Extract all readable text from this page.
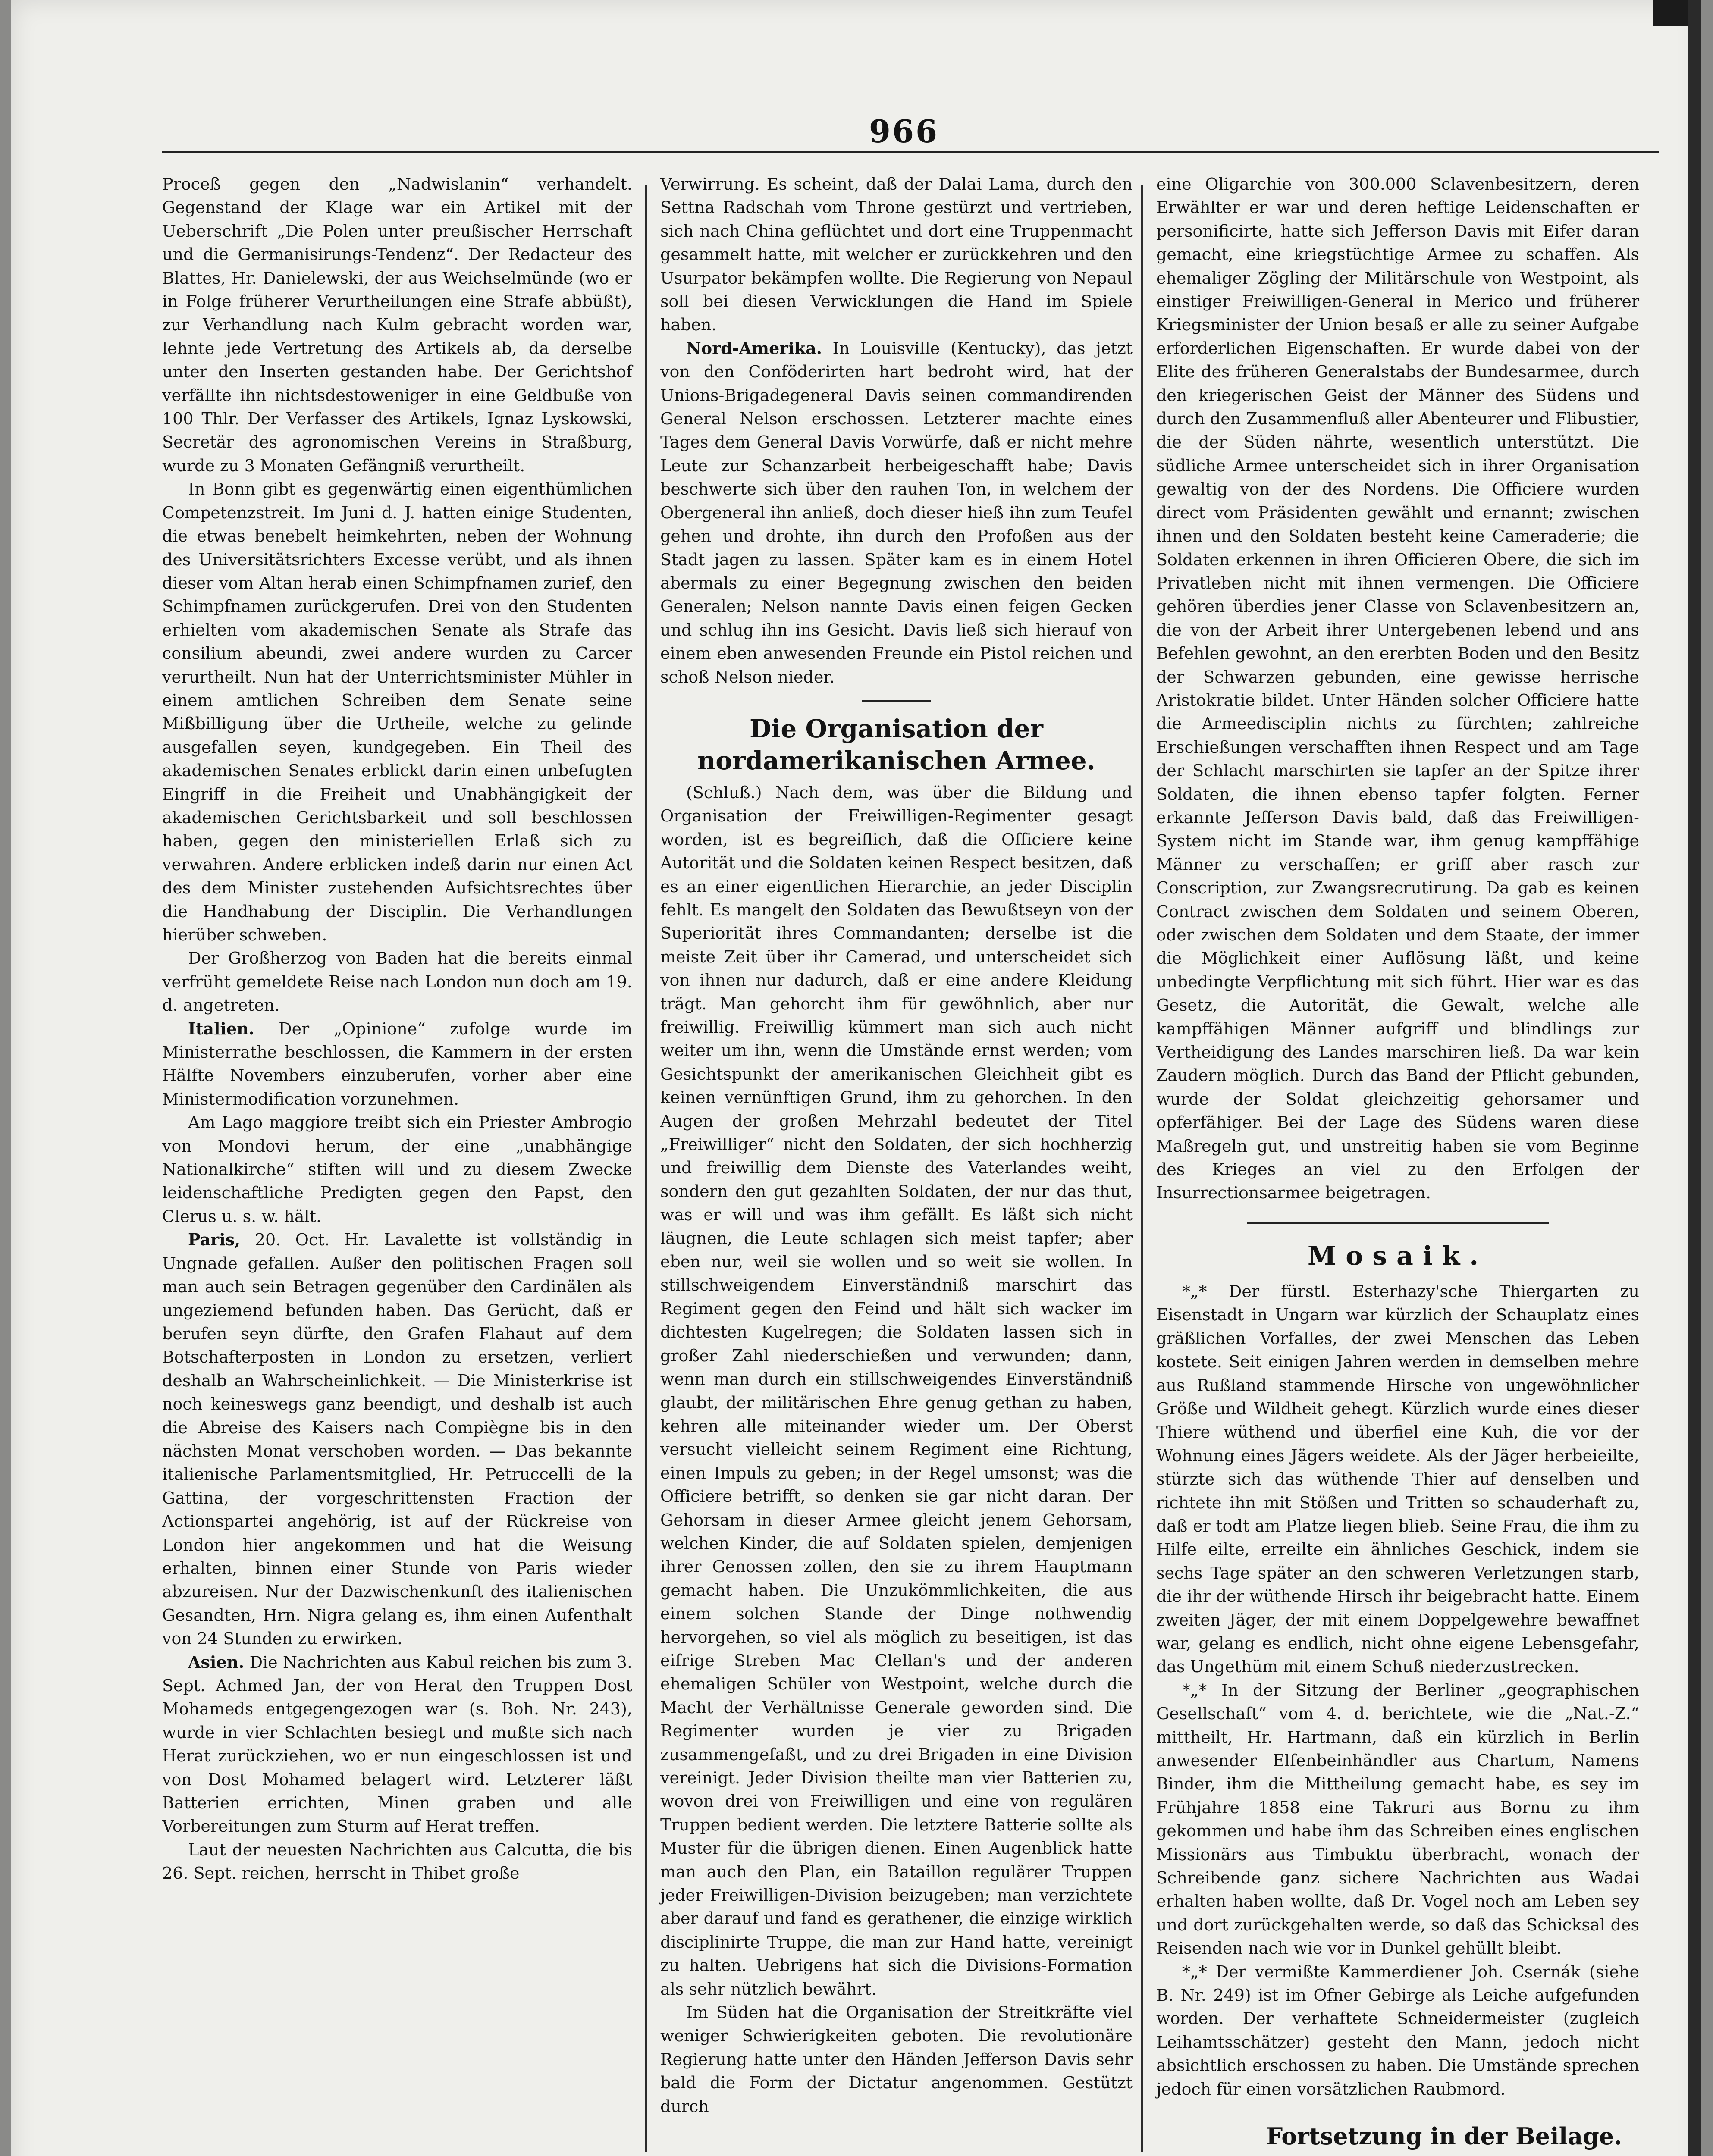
966

Proceß gegen den „Nadwislanin“ verhandelt. Gegenstand der Klage war ein Artikel mit der Ueberschrift „Die Polen unter preußischer Herrschaft und die Germanisirungs-Tendenz“. Der Redacteur des Blattes, Hr. Danielewski, der aus Weichselmünde (wo er in Folge früherer Verurtheilungen eine Strafe abbüßt), zur Verhandlung nach Kulm gebracht worden war, lehnte jede Vertretung des Artikels ab, da derselbe unter den Inserten gestanden habe. Der Gerichtshof verfällte ihn nichtsdestoweniger in eine Geldbuße von 100 Thlr. Der Verfasser des Artikels, Ignaz Lyskowski, Secretär des agronomischen Vereins in Straßburg, wurde zu 3 Monaten Gefängniß verurtheilt.

In Bonn gibt es gegenwärtig einen eigenthümlichen Competenzstreit. Im Juni d. J. hatten einige Studenten, die etwas benebelt heimkehrten, neben der Wohnung des Universitätsrichters Excesse verübt, und als ihnen dieser vom Altan herab einen Schimpfnamen zurief, den Schimpfnamen zurückgerufen. Drei von den Studenten erhielten vom akademischen Senate als Strafe das consilium abeundi, zwei andere wurden zu Carcer verurtheilt. Nun hat der Unterrichtsminister Mühler in einem amtlichen Schreiben dem Senate seine Mißbilligung über die Urtheile, welche zu gelinde ausgefallen seyen, kundgegeben. Ein Theil des akademischen Senates erblickt darin einen unbefugten Eingriff in die Freiheit und Unabhängigkeit der akademischen Gerichtsbarkeit und soll beschlossen haben, gegen den ministeriellen Erlaß sich zu verwahren. Andere erblicken indeß darin nur einen Act des dem Minister zustehenden Aufsichtsrechtes über die Handhabung der Disciplin. Die Verhandlungen hierüber schweben.

Der Großherzog von Baden hat die bereits einmal verfrüht gemeldete Reise nach London nun doch am 19. d. angetreten.

Italien. Der „Opinione“ zufolge wurde im Ministerrathe beschlossen, die Kammern in der ersten Hälfte Novembers einzuberufen, vorher aber eine Ministermodification vorzunehmen.

Am Lago maggiore treibt sich ein Priester Ambrogio von Mondovi herum, der eine „unabhängige Nationalkirche“ stiften will und zu diesem Zwecke leidenschaftliche Predigten gegen den Papst, den Clerus u. s. w. hält.

Paris, 20. Oct. Hr. Lavalette ist vollständig in Ungnade gefallen. Außer den politischen Fragen soll man auch sein Betragen gegenüber den Cardinälen als ungeziemend befunden haben. Das Gerücht, daß er berufen seyn dürfte, den Grafen Flahaut auf dem Botschafterposten in London zu ersetzen, verliert deshalb an Wahrscheinlichkeit. — Die Ministerkrise ist noch keineswegs ganz beendigt, und deshalb ist auch die Abreise des Kaisers nach Compiègne bis in den nächsten Monat verschoben worden. — Das bekannte italienische Parlamentsmitglied, Hr. Petruccelli de la Gattina, der vorgeschrittensten Fraction der Actionspartei angehörig, ist auf der Rückreise von London hier angekommen und hat die Weisung erhalten, binnen einer Stunde von Paris wieder abzureisen. Nur der Dazwischenkunft des italienischen Gesandten, Hrn. Nigra gelang es, ihm einen Aufenthalt von 24 Stunden zu erwirken.

Asien. Die Nachrichten aus Kabul reichen bis zum 3. Sept. Achmed Jan, der von Herat den Truppen Dost Mohameds entgegengezogen war (s. Boh. Nr. 243), wurde in vier Schlachten besiegt und mußte sich nach Herat zurückziehen, wo er nun eingeschlossen ist und von Dost Mohamed belagert wird. Letzterer läßt Batterien errichten, Minen graben und alle Vorbereitungen zum Sturm auf Herat treffen.

Laut der neuesten Nachrichten aus Calcutta, die bis 26. Sept. reichen, herrscht in Thibet große

Verwirrung. Es scheint, daß der Dalai Lama, durch den Settna Radschah vom Throne gestürzt und vertrieben, sich nach China geflüchtet und dort eine Truppenmacht gesammelt hatte, mit welcher er zurückkehren und den Usurpator bekämpfen wollte. Die Regierung von Nepaul soll bei diesen Verwicklungen die Hand im Spiele haben.

Nord-Amerika. In Louisville (Kentucky), das jetzt von den Conföderirten hart bedroht wird, hat der Unions-Brigadegeneral Davis seinen commandirenden General Nelson erschossen. Letzterer machte eines Tages dem General Davis Vorwürfe, daß er nicht mehre Leute zur Schanzarbeit herbeigeschafft habe; Davis beschwerte sich über den rauhen Ton, in welchem der Obergeneral ihn anließ, doch dieser hieß ihn zum Teufel gehen und drohte, ihn durch den Profoßen aus der Stadt jagen zu lassen. Später kam es in einem Hotel abermals zu einer Begegnung zwischen den beiden Generalen; Nelson nannte Davis einen feigen Gecken und schlug ihn ins Gesicht. Davis ließ sich hierauf von einem eben anwesenden Freunde ein Pistol reichen und schoß Nelson nieder.

Die Organisation der nordamerikanischen Armee.

(Schluß.) Nach dem, was über die Bildung und Organisation der Freiwilligen-Regimenter gesagt worden, ist es begreiflich, daß die Officiere keine Autorität und die Soldaten keinen Respect besitzen, daß es an einer eigentlichen Hierarchie, an jeder Disciplin fehlt. Es mangelt den Soldaten das Bewußtseyn von der Superiorität ihres Commandanten; derselbe ist die meiste Zeit über ihr Camerad, und unterscheidet sich von ihnen nur dadurch, daß er eine andere Kleidung trägt. Man gehorcht ihm für gewöhnlich, aber nur freiwillig. Freiwillig kümmert man sich auch nicht weiter um ihn, wenn die Umstände ernst werden; vom Gesichtspunkt der amerikanischen Gleichheit gibt es keinen vernünftigen Grund, ihm zu gehorchen. In den Augen der großen Mehrzahl bedeutet der Titel „Freiwilliger“ nicht den Soldaten, der sich hochherzig und freiwillig dem Dienste des Vaterlandes weiht, sondern den gut gezahlten Soldaten, der nur das thut, was er will und was ihm gefällt. Es läßt sich nicht läugnen, die Leute schlagen sich meist tapfer; aber eben nur, weil sie wollen und so weit sie wollen. In stillschweigendem Einverständniß marschirt das Regiment gegen den Feind und hält sich wacker im dichtesten Kugelregen; die Soldaten lassen sich in großer Zahl niederschießen und verwunden; dann, wenn man durch ein stillschweigendes Einverständniß glaubt, der militärischen Ehre genug gethan zu haben, kehren alle miteinander wieder um. Der Oberst versucht vielleicht seinem Regiment eine Richtung, einen Impuls zu geben; in der Regel umsonst; was die Officiere betrifft, so denken sie gar nicht daran. Der Gehorsam in dieser Armee gleicht jenem Gehorsam, welchen Kinder, die auf Soldaten spielen, demjenigen ihrer Genossen zollen, den sie zu ihrem Hauptmann gemacht haben. Die Unzukömmlichkeiten, die aus einem solchen Stande der Dinge nothwendig hervorgehen, so viel als möglich zu beseitigen, ist das eifrige Streben Mac Clellan's und der anderen ehemaligen Schüler von Westpoint, welche durch die Macht der Verhältnisse Generale geworden sind. Die Regimenter wurden je vier zu Brigaden zusammengefaßt, und zu drei Brigaden in eine Division vereinigt. Jeder Division theilte man vier Batterien zu, wovon drei von Freiwilligen und eine von regulären Truppen bedient werden. Die letztere Batterie sollte als Muster für die übrigen dienen. Einen Augenblick hatte man auch den Plan, ein Bataillon regulärer Truppen jeder Freiwilligen-Division beizugeben; man verzichtete aber darauf und fand es gerathener, die einzige wirklich disciplinirte Truppe, die man zur Hand hatte, vereinigt zu halten. Uebrigens hat sich die Divisions-Formation als sehr nützlich bewährt.

Im Süden hat die Organisation der Streitkräfte viel weniger Schwierigkeiten geboten. Die revolutionäre Regierung hatte unter den Händen Jefferson Davis sehr bald die Form der Dictatur angenommen. Gestützt durch

eine Oligarchie von 300.000 Sclavenbesitzern, deren Erwählter er war und deren heftige Leidenschaften er personificirte, hatte sich Jefferson Davis mit Eifer daran gemacht, eine kriegstüchtige Armee zu schaffen. Als ehemaliger Zögling der Militärschule von Westpoint, als einstiger Freiwilligen-General in Merico und früherer Kriegsminister der Union besaß er alle zu seiner Aufgabe erforderlichen Eigenschaften. Er wurde dabei von der Elite des früheren Generalstabs der Bundesarmee, durch den kriegerischen Geist der Männer des Südens und durch den Zusammenfluß aller Abenteurer und Flibustier, die der Süden nährte, wesentlich unterstützt. Die südliche Armee unterscheidet sich in ihrer Organisation gewaltig von der des Nordens. Die Officiere wurden direct vom Präsidenten gewählt und ernannt; zwischen ihnen und den Soldaten besteht keine Cameraderie; die Soldaten erkennen in ihren Officieren Obere, die sich im Privatleben nicht mit ihnen vermengen. Die Officiere gehören überdies jener Classe von Sclavenbesitzern an, die von der Arbeit ihrer Untergebenen lebend und ans Befehlen gewohnt, an den ererbten Boden und den Besitz der Schwarzen gebunden, eine gewisse herrische Aristokratie bildet. Unter Händen solcher Officiere hatte die Armeedisciplin nichts zu fürchten; zahlreiche Erschießungen verschafften ihnen Respect und am Tage der Schlacht marschirten sie tapfer an der Spitze ihrer Soldaten, die ihnen ebenso tapfer folgten. Ferner erkannte Jefferson Davis bald, daß das Freiwilligen-System nicht im Stande war, ihm genug kampffähige Männer zu verschaffen; er griff aber rasch zur Conscription, zur Zwangsrecrutirung. Da gab es keinen Contract zwischen dem Soldaten und seinem Oberen, oder zwischen dem Soldaten und dem Staate, der immer die Möglichkeit einer Auflösung läßt, und keine unbedingte Verpflichtung mit sich führt. Hier war es das Gesetz, die Autorität, die Gewalt, welche alle kampffähigen Männer aufgriff und blindlings zur Vertheidigung des Landes marschiren ließ. Da war kein Zaudern möglich. Durch das Band der Pflicht gebunden, wurde der Soldat gleichzeitig gehorsamer und opferfähiger. Bei der Lage des Südens waren diese Maßregeln gut, und unstreitig haben sie vom Beginne des Krieges an viel zu den Erfolgen der Insurrectionsarmee beigetragen.

Mosaik.

*„* Der fürstl. Esterhazy'sche Thiergarten zu Eisenstadt in Ungarn war kürzlich der Schauplatz eines gräßlichen Vorfalles, der zwei Menschen das Leben kostete. Seit einigen Jahren werden in demselben mehre aus Rußland stammende Hirsche von ungewöhnlicher Größe und Wildheit gehegt. Kürzlich wurde eines dieser Thiere wüthend und überfiel eine Kuh, die vor der Wohnung eines Jägers weidete. Als der Jäger herbeieilte, stürzte sich das wüthende Thier auf denselben und richtete ihn mit Stößen und Tritten so schauderhaft zu, daß er todt am Platze liegen blieb. Seine Frau, die ihm zu Hilfe eilte, erreilte ein ähnliches Geschick, indem sie sechs Tage später an den schweren Verletzungen starb, die ihr der wüthende Hirsch ihr beigebracht hatte. Einem zweiten Jäger, der mit einem Doppelgewehre bewaffnet war, gelang es endlich, nicht ohne eigene Lebensgefahr, das Ungethüm mit einem Schuß niederzustrecken.

*„* In der Sitzung der Berliner „geographischen Gesellschaft“ vom 4. d. berichtete, wie die „Nat.-Z.“ mittheilt, Hr. Hartmann, daß ein kürzlich in Berlin anwesender Elfenbeinhändler aus Chartum, Namens Binder, ihm die Mittheilung gemacht habe, es sey im Frühjahre 1858 eine Takruri aus Bornu zu ihm gekommen und habe ihm das Schreiben eines englischen Missionärs aus Timbuktu überbracht, wonach der Schreibende ganz sichere Nachrichten aus Wadai erhalten haben wollte, daß Dr. Vogel noch am Leben sey und dort zurückgehalten werde, so daß das Schicksal des Reisenden nach wie vor in Dunkel gehüllt bleibt.

*„* Der vermißte Kammerdiener Joh. Csernák (siehe B. Nr. 249) ist im Ofner Gebirge als Leiche aufgefunden worden. Der verhaftete Schneidermeister (zugleich Leihamtsschätzer) gesteht den Mann, jedoch nicht absichtlich erschossen zu haben. Die Umstände sprechen jedoch für einen vorsätzlichen Raubmord.

Fortsetzung in der Beilage.
